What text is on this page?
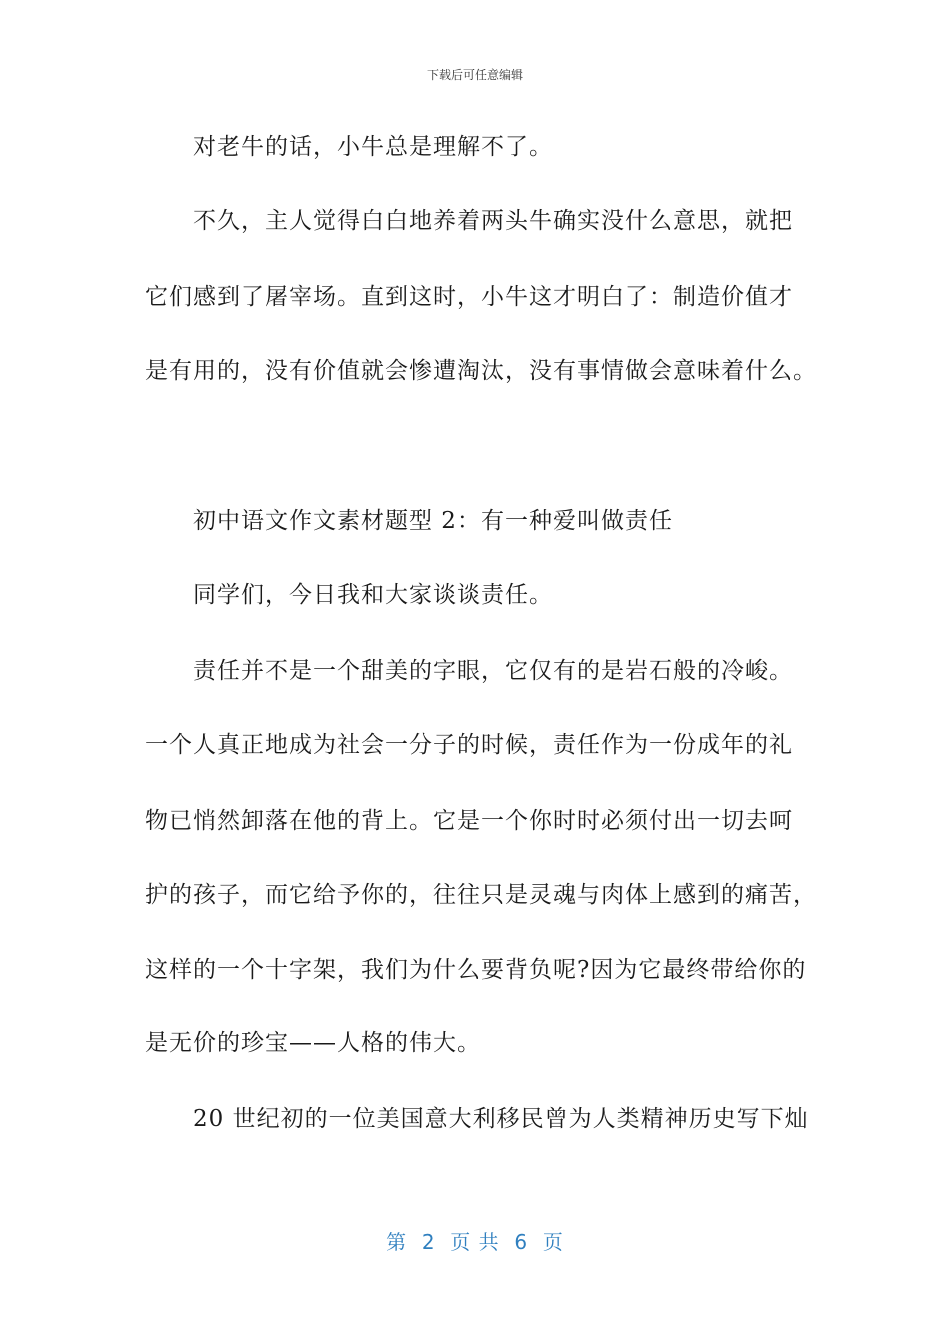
下载后可任意编辑
对老牛的话，小牛总是理解不了。
不久，主人觉得白白地养着两头牛确实没什么意思，就把
它们感到了屠宰场。直到这时，小牛这才明白了：制造价值才
是有用的，没有价值就会惨遭淘汰，没有事情做会意味着什么。
初中语文作文素材题型 2：有一种爱叫做责任
同学们，今日我和大家谈谈责任。
责任并不是一个甜美的字眼，它仅有的是岩石般的冷峻。
一个人真正地成为社会一分子的时候，责任作为一份成年的礼
物已悄然卸落在他的背上。它是一个你时时必须付出一切去呵
护的孩子，而它给予你的，往往只是灵魂与肉体上感到的痛苦，
这样的一个十字架，我们为什么要背负呢?因为它最终带给你的
是无价的珍宝——人格的伟大。
20 世纪初的一位美国意大利移民曾为人类精神历史写下灿
第  2  页 共  6  页
